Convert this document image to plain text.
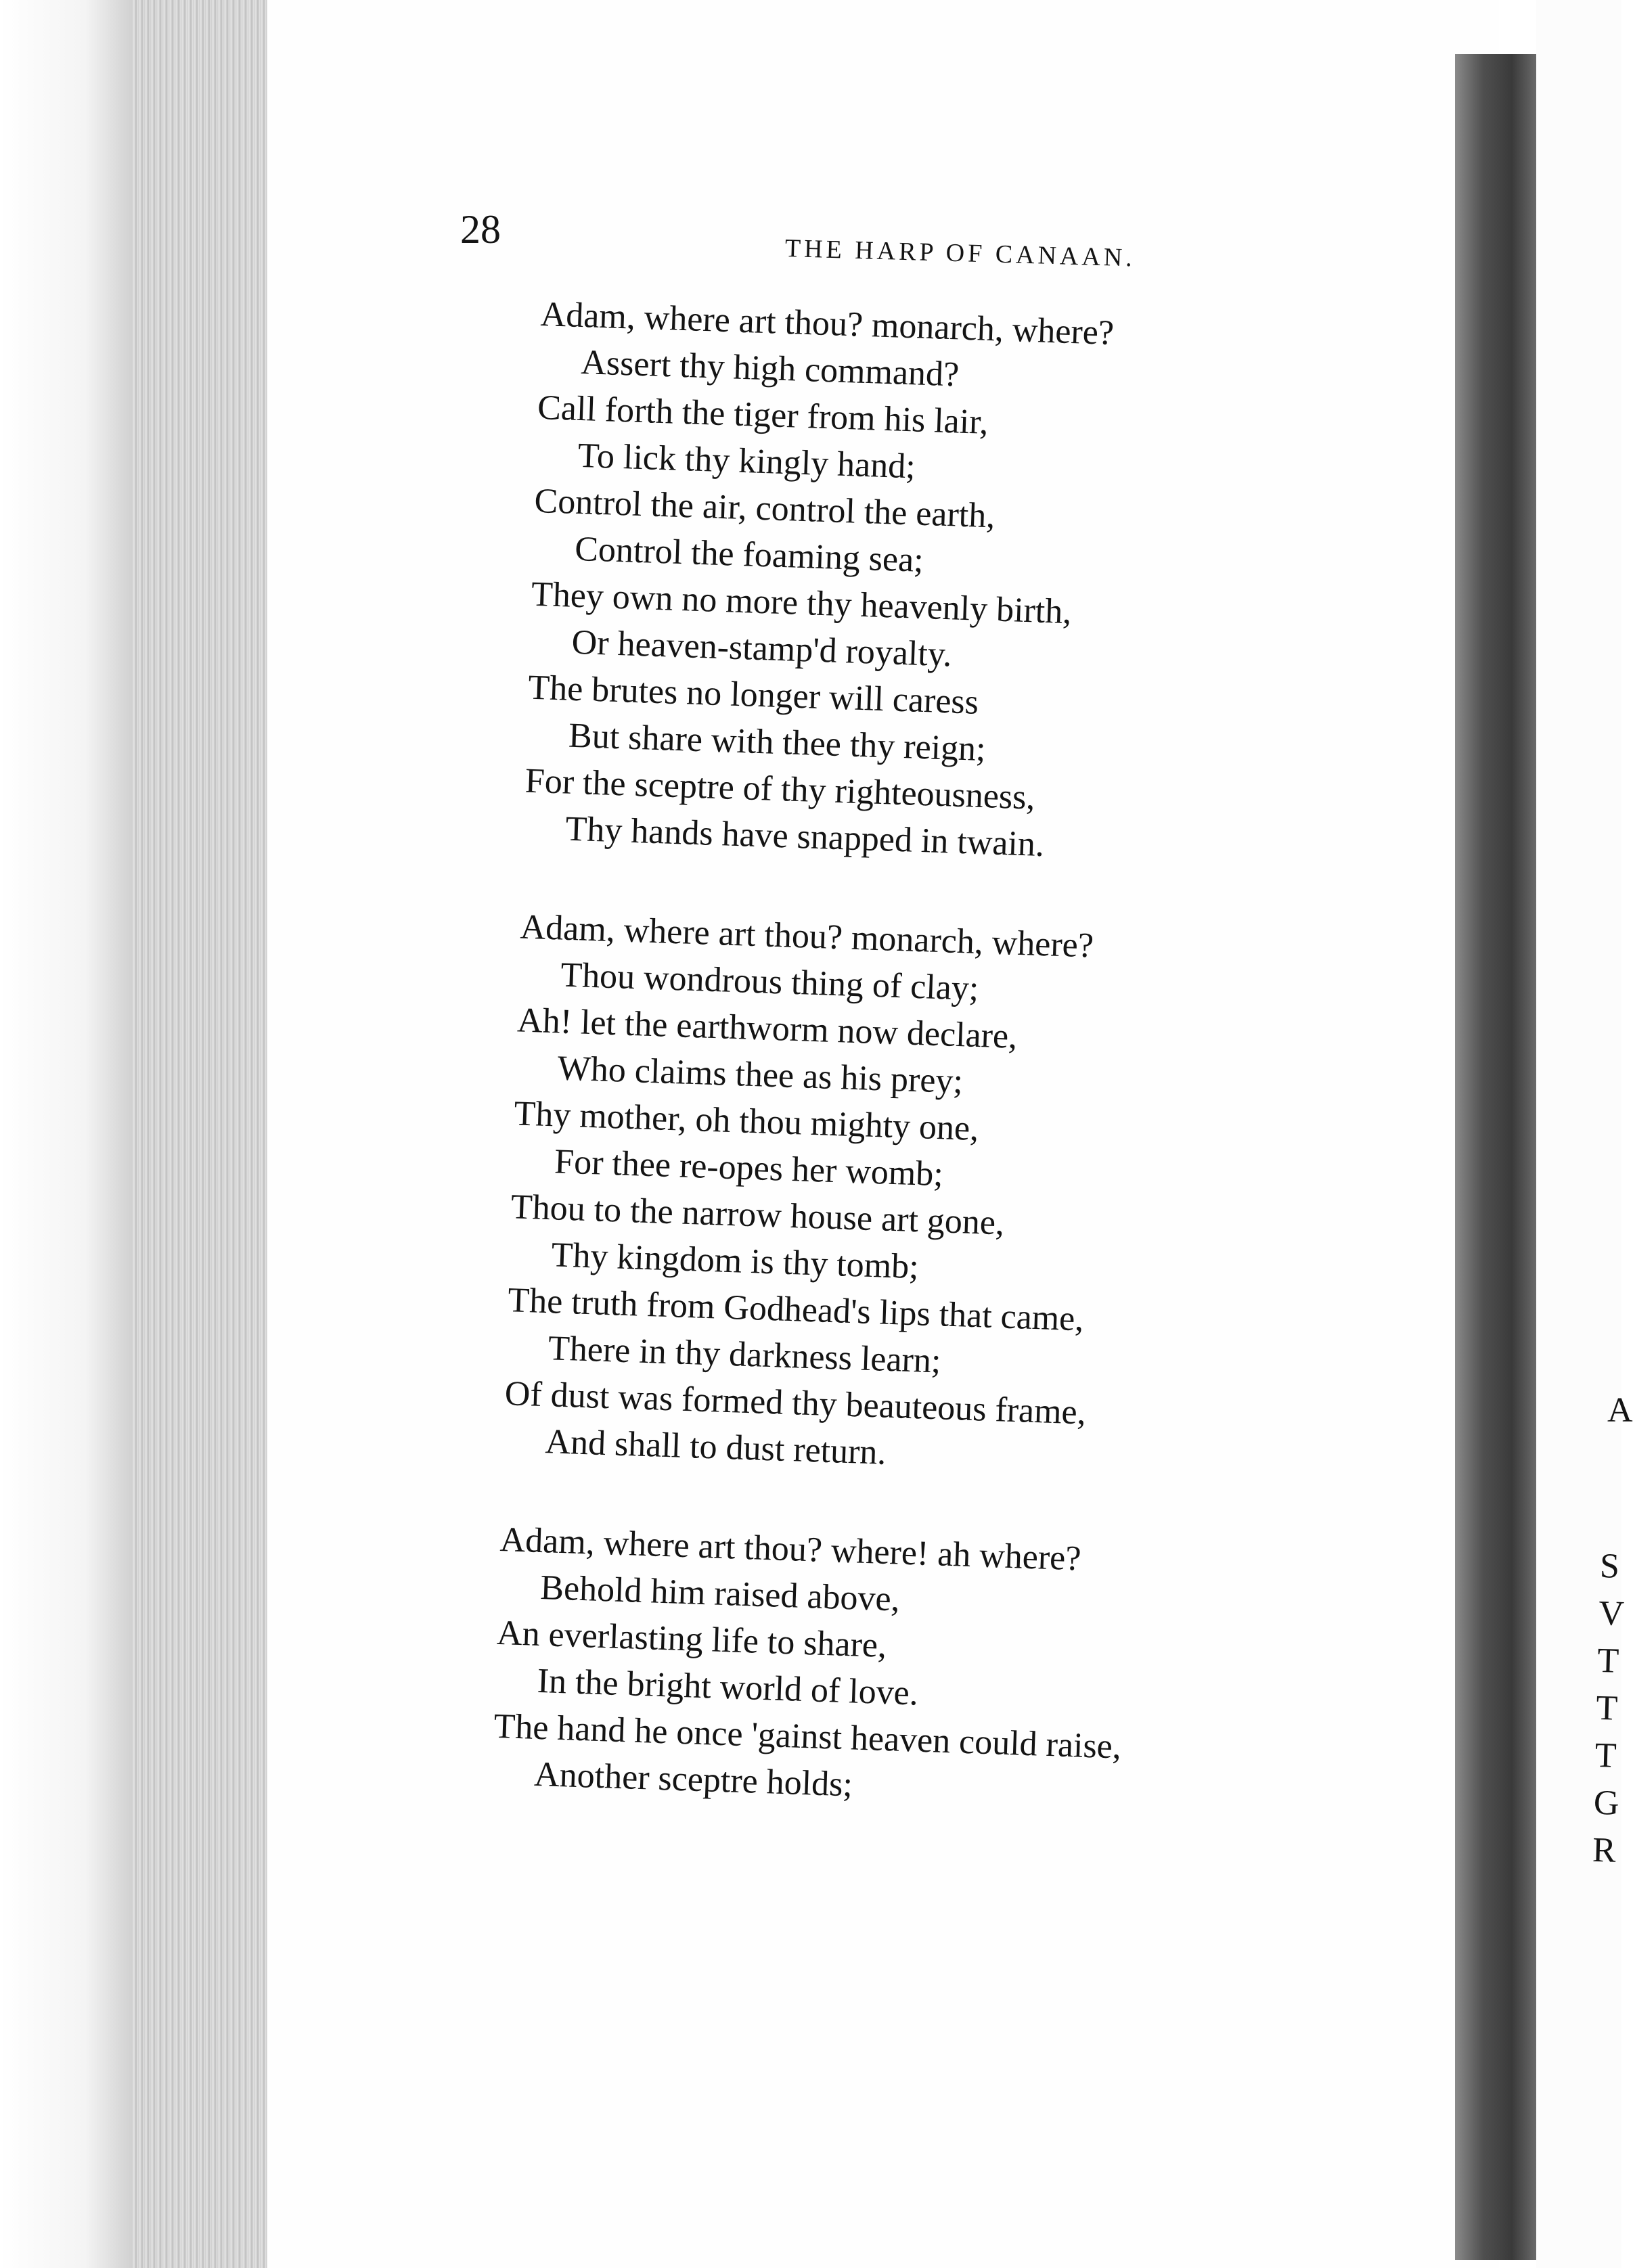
28
THE HARP OF CANAAN.
Adam, where art thou? monarch, where?
Assert thy high command?
Call forth the tiger from his lair,
To lick thy kingly hand;
Control the air, control the earth,
Control the foaming sea;
They own no more thy heavenly birth,
Or heaven-stamp'd royalty.
The brutes no longer will caress
But share with thee thy reign;
For the sceptre of thy righteousness,
Thy hands have snapped in twain.
Adam, where art thou? monarch, where?
Thou wondrous thing of clay;
Ah! let the earthworm now declare,
Who claims thee as his prey;
Thy mother, oh thou mighty one,
For thee re-opes her womb;
Thou to the narrow house art gone,
Thy kingdom is thy tomb;
The truth from Godhead's lips that came,
There in thy darkness learn;
Of dust was formed thy beauteous frame,
And shall to dust return.
Adam, where art thou? where! ah where?
Behold him raised above,
An everlasting life to share,
In the bright world of love.
The hand he once 'gainst heaven could raise,
Another sceptre holds;
A
S
V
T
T
T
G
R
